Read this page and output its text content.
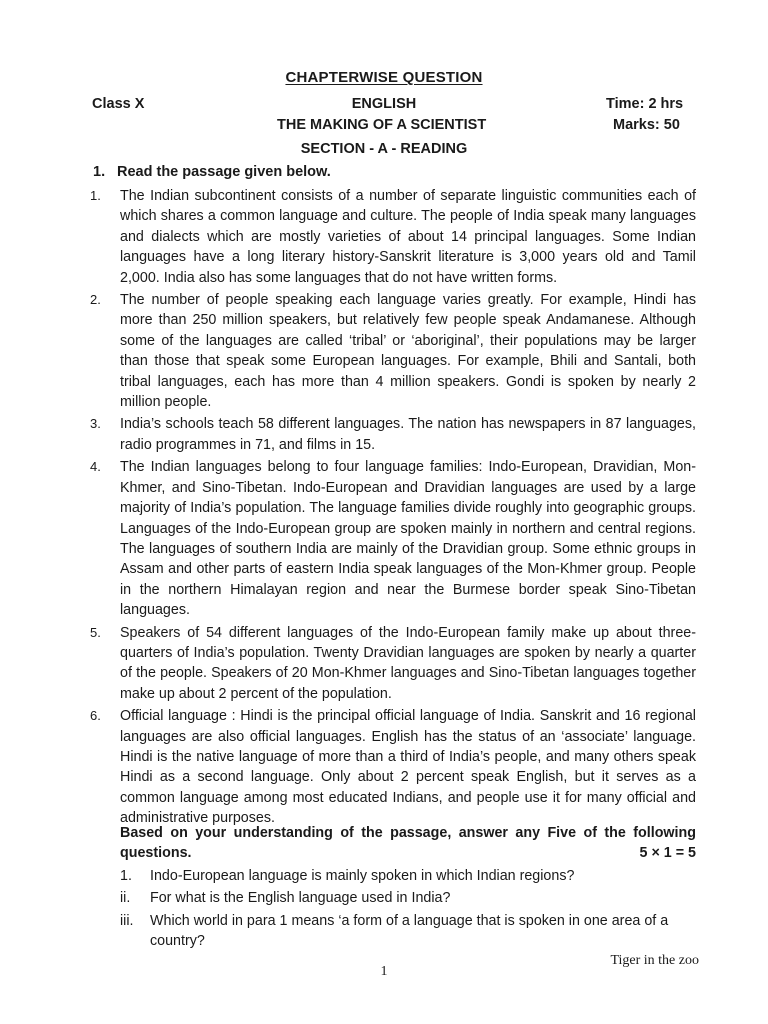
CHAPTERWISE QUESTION
Class X	ENGLISH	Time: 2 hrs
THE MAKING OF A SCIENTIST	Marks: 50
SECTION - A - READING
1. Read the passage given below.
1. The Indian subcontinent consists of a number of separate linguistic communities each of which shares a common language and culture. The people of India speak many languages and dialects which are mostly varieties of about 14 principal languages. Some Indian languages have a long literary history-Sanskrit literature is 3,000 years old and Tamil 2,000. India also has some languages that do not have written forms.
2. The number of people speaking each language varies greatly. For example, Hindi has more than 250 million speakers, but relatively few people speak Andamanese. Although some of the languages are called ‘tribal’ or ‘aboriginal’, their populations may be larger than those that speak some European languages. For example, Bhili and Santali, both tribal languages, each has more than 4 million speakers. Gondi is spoken by nearly 2 million people.
3. India’s schools teach 58 different languages. The nation has newspapers in 87 languages, radio programmes in 71, and films in 15.
4. The Indian languages belong to four language families: Indo-European, Dravidian, Mon-Khmer, and Sino-Tibetan. Indo-European and Dravidian languages are used by a large majority of India’s population. The language families divide roughly into geographic groups. Languages of the Indo-European group are spoken mainly in northern and central regions. The languages of southern India are mainly of the Dravidian group. Some ethnic groups in Assam and other parts of eastern India speak languages of the Mon-Khmer group. People in the northern Himalayan region and near the Burmese border speak Sino-Tibetan languages.
5. Speakers of 54 different languages of the Indo-European family make up about three-quarters of India’s population. Twenty Dravidian languages are spoken by nearly a quarter of the people. Speakers of 20 Mon-Khmer languages and Sino-Tibetan languages together make up about 2 percent of the population.
6. Official language : Hindi is the principal official language of India. Sanskrit and 16 regional languages are also official languages. English has the status of an ‘associate’ language. Hindi is the native language of more than a third of India’s people, and many others speak Hindi as a second language. Only about 2 percent speak English, but it serves as a common language among most educated Indians, and people use it for many official and administrative purposes.
Based on your understanding of the passage, answer any Five of the following questions.	5 × 1 = 5
1. Indo-European language is mainly spoken in which Indian regions?
ii. For what is the English language used in India?
iii. Which world in para 1 means ‘a form of a language that is spoken in one area of a country?
Tiger in the zoo
1
